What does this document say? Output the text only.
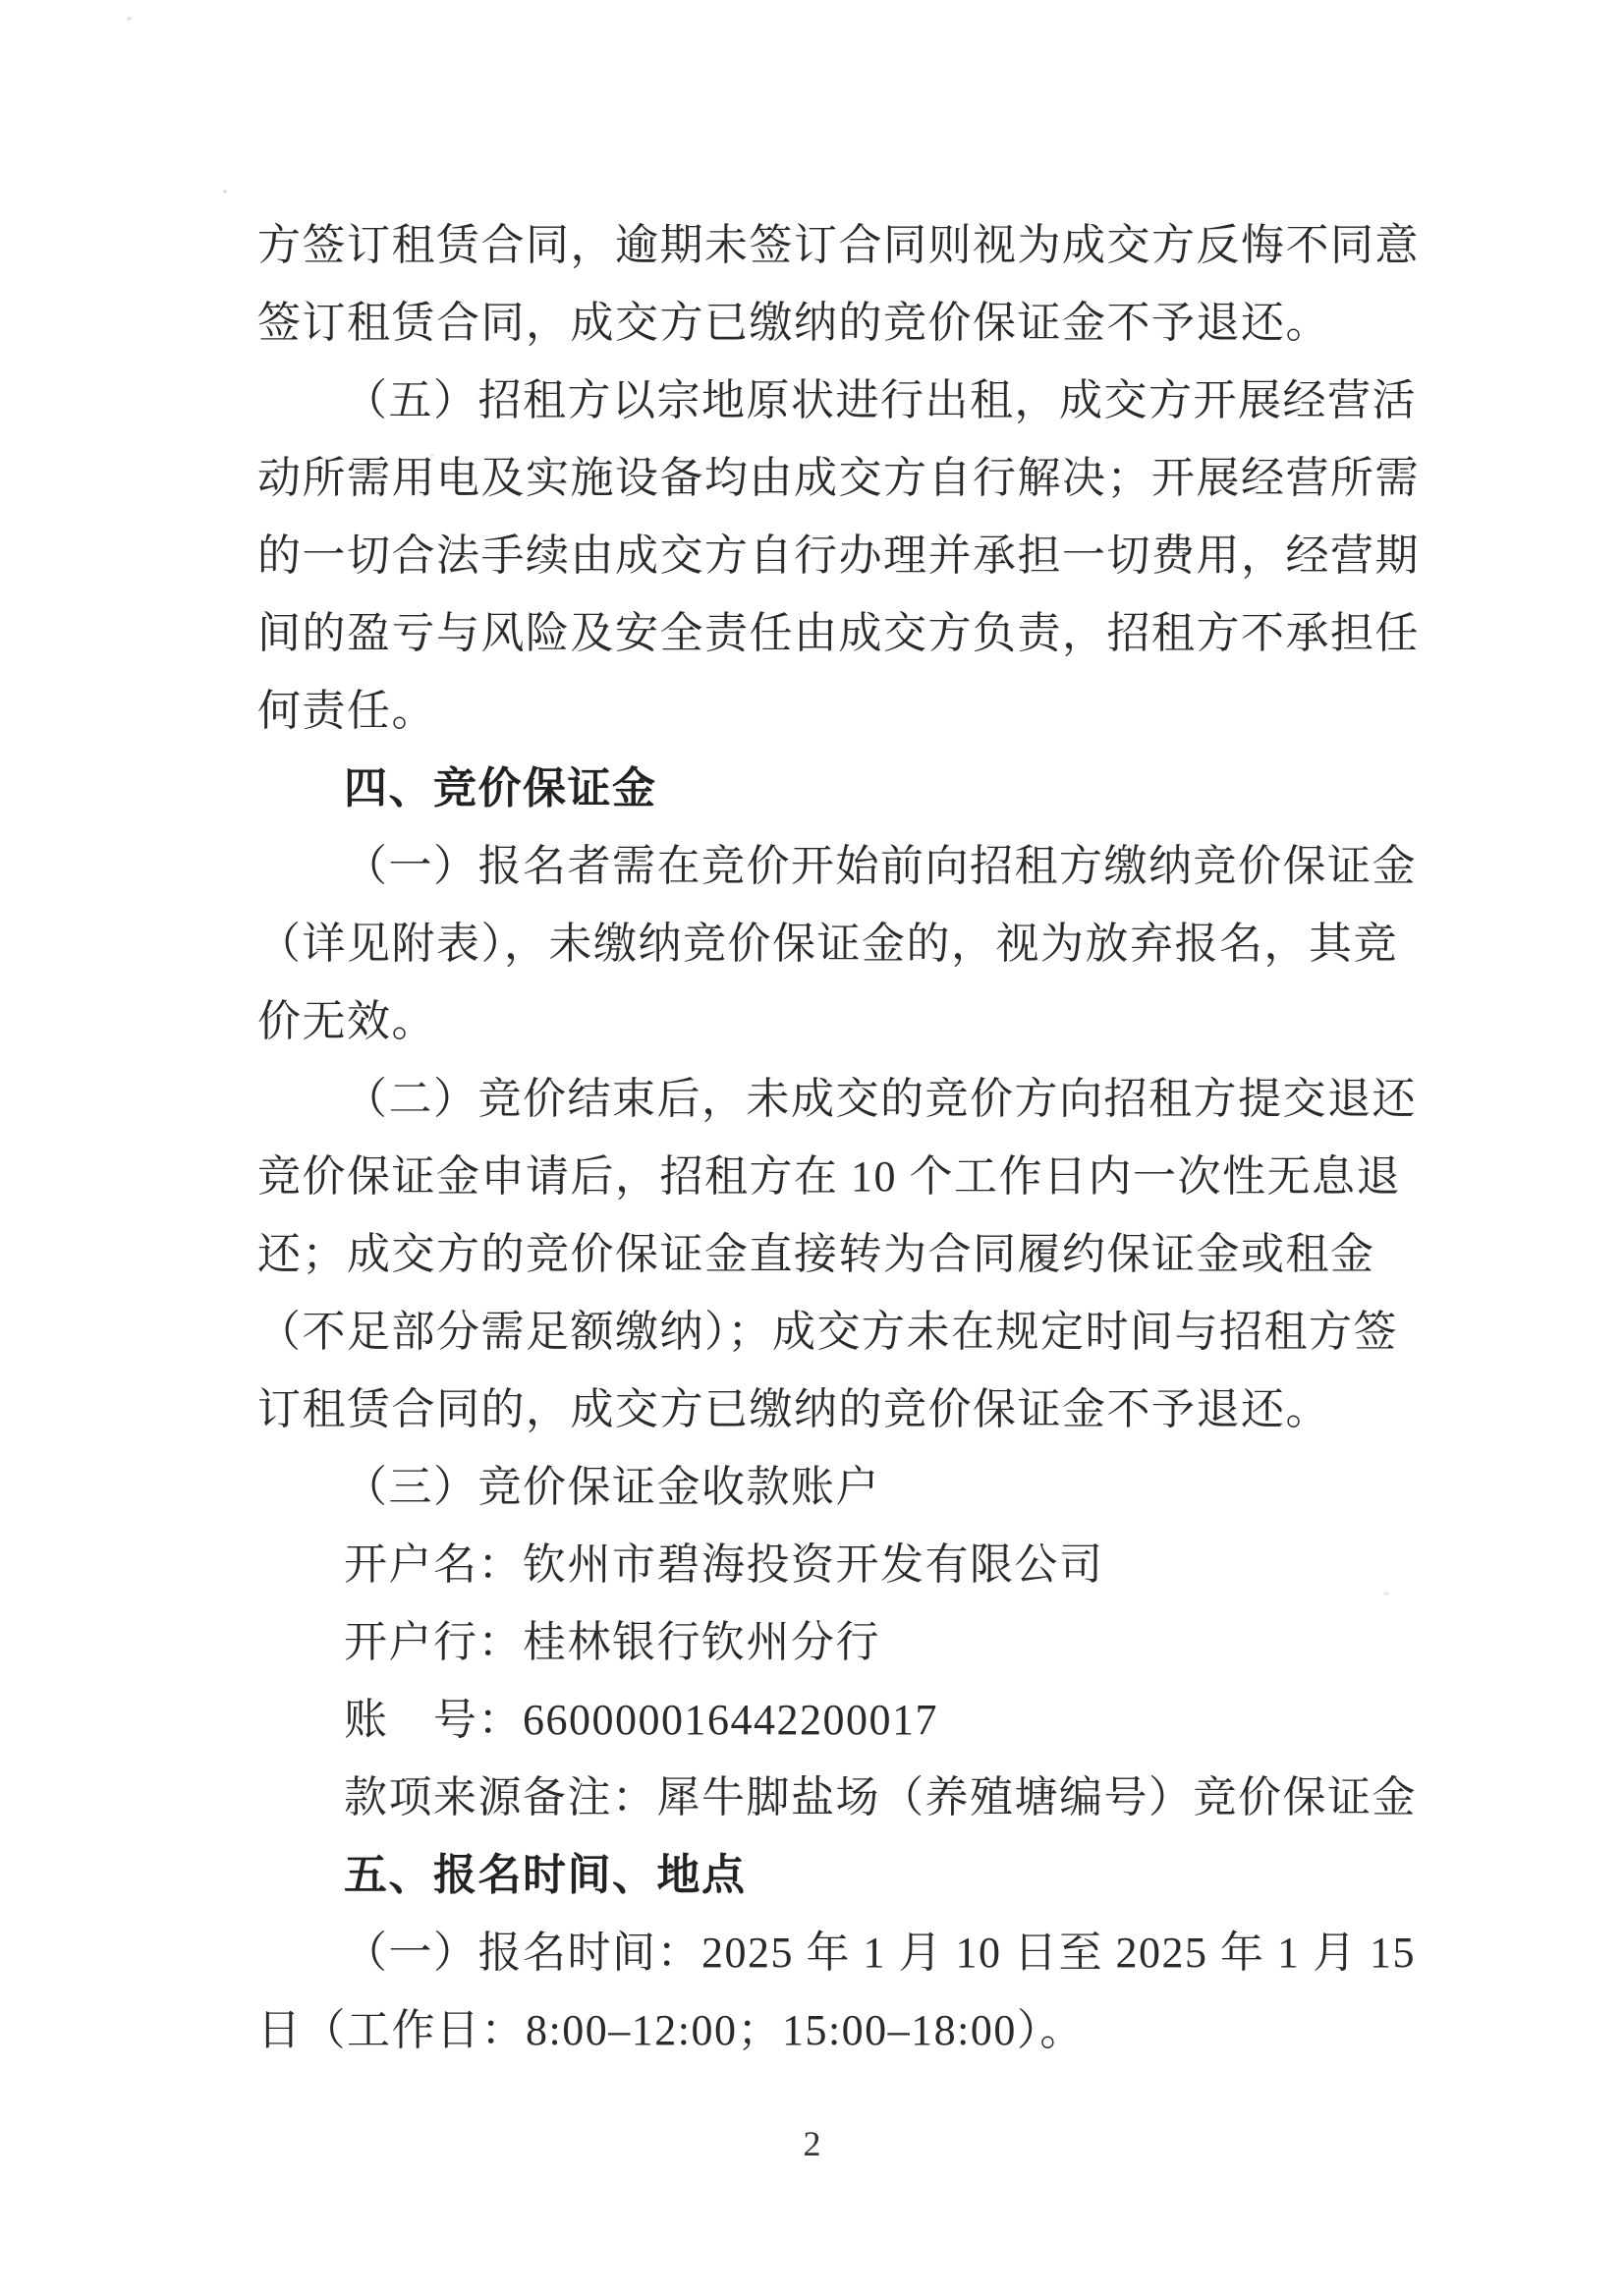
方签订租赁合同，逾期未签订合同则视为成交方反悔不同意
签订租赁合同，成交方已缴纳的竞价保证金不予退还。
（五）招租方以宗地原状进行出租，成交方开展经营活
动所需用电及实施设备均由成交方自行解决；开展经营所需
的一切合法手续由成交方自行办理并承担一切费用，经营期
间的盈亏与风险及安全责任由成交方负责，招租方不承担任
何责任。
四、竞价保证金
（一）报名者需在竞价开始前向招租方缴纳竞价保证金
（详见附表），未缴纳竞价保证金的，视为放弃报名，其竞
价无效。
（二）竞价结束后，未成交的竞价方向招租方提交退还
竞价保证金申请后，招租方在 10 个工作日内一次性无息退
还；成交方的竞价保证金直接转为合同履约保证金或租金
（不足部分需足额缴纳）；成交方未在规定时间与招租方签
订租赁合同的，成交方已缴纳的竞价保证金不予退还。
（三）竞价保证金收款账户
开户名：钦州市碧海投资开发有限公司
开户行：桂林银行钦州分行
账　号：660000016442200017
款项来源备注：犀牛脚盐场（养殖塘编号）竞价保证金
五、报名时间、地点
（一）报名时间：2025 年 1 月 10 日至 2025 年 1 月 15
日（工作日：8:00–12:00；15:00–18:00）。
2
